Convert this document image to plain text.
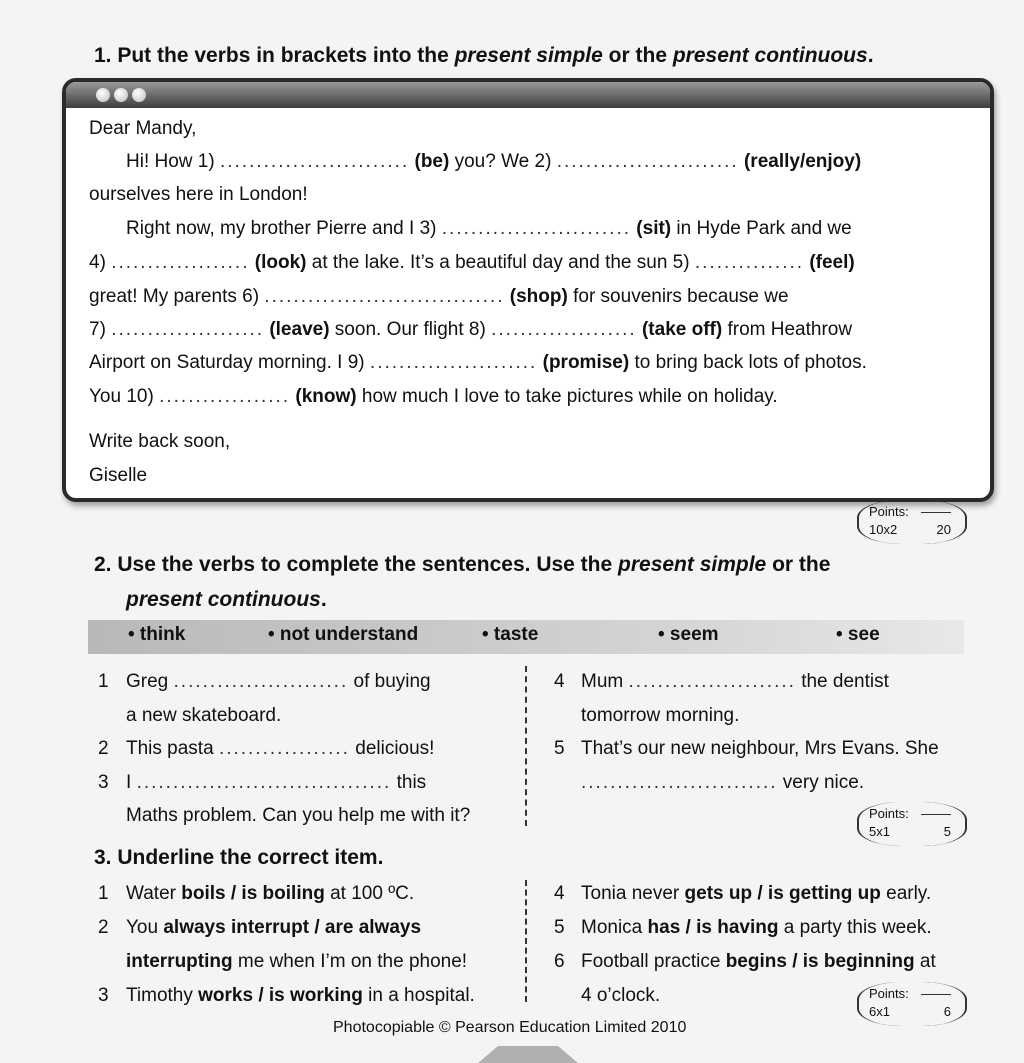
1. Put the verbs in brackets into the present simple or the present continuous.
Dear Mandy,
Hi! How 1) .......................... (be) you? We 2) ......................... (really/enjoy)
ourselves here in London!
Right now, my brother Pierre and I 3) .......................... (sit) in Hyde Park and we
4) ................... (look) at the lake. It’s a beautiful day and the sun 5) ............... (feel)
great! My parents 6) ................................. (shop) for souvenirs because we
7) ..................... (leave) soon. Our flight 8) .................... (take off) from Heathrow
Airport on Saturday morning. I 9) ....................... (promise) to bring back lots of photos.
You 10) .................. (know) how much I love to take pictures while on holiday.
Write back soon,
Giselle
Points:
10x2	20
2. Use the verbs to complete the sentences. Use the present simple or the
present continuous.
• think	• not understand	• taste	• seem	• see
1 Greg ........................ of buying
a new skateboard.
2 This pasta .................. delicious!
3 I ................................... this
Maths problem. Can you help me with it?
4 Mum ....................... the dentist
tomorrow morning.
5 That’s our new neighbour, Mrs Evans. She
........................... very nice.
Points:
5x1	5
3. Underline the correct item.
1 Water boils / is boiling at 100 ºC.
2 You always interrupt / are always
interrupting me when I’m on the phone!
3 Timothy works / is working in a hospital.
4 Tonia never gets up / is getting up early.
5 Monica has / is having a party this week.
6 Football practice begins / is beginning at
4 o’clock.	Points:
6x1	6
Photocopiable © Pearson Education Limited 2010
